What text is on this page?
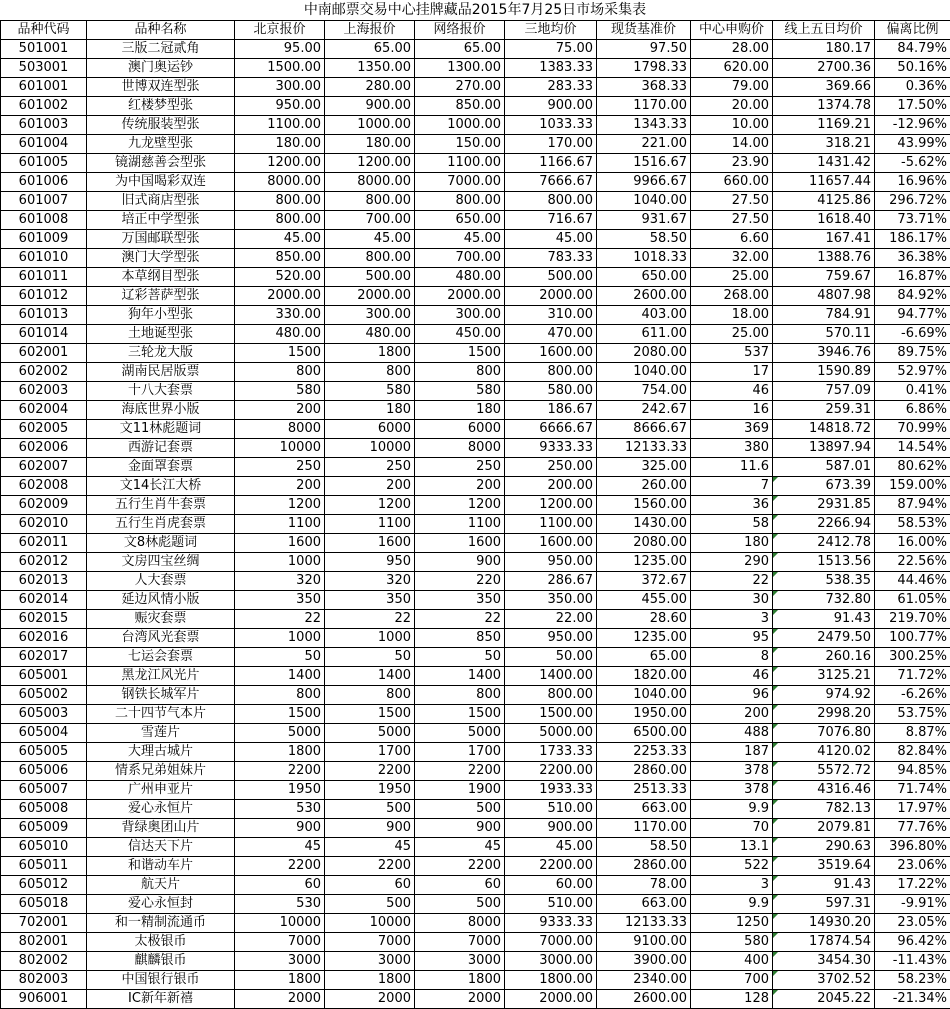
中南邮票交易中心挂牌藏品2015年7月25日市场采集表
品种代码	品种名称	北京报价	上海报价	网络报价	三地均价	现货基准价	中心申购价	线上五日均价	偏离比例
501001	三版二冠贰角	95.00	65.00	65.00	75.00	97.50	28.00	180.17	84.79%
503001	澳门奥运钞	1500.00	1350.00	1300.00	1383.33	1798.33	620.00	2700.36	50.16%
601001	世博双连型张	300.00	280.00	270.00	283.33	368.33	79.00	369.66	0.36%
601002	红楼梦型张	950.00	900.00	850.00	900.00	1170.00	20.00	1374.78	17.50%
601003	传统服装型张	1100.00	1000.00	1000.00	1033.33	1343.33	10.00	1169.21	-12.96%
601004	九龙壁型张	180.00	180.00	150.00	170.00	221.00	14.00	318.21	43.99%
601005	镜湖慈善会型张	1200.00	1200.00	1100.00	1166.67	1516.67	23.90	1431.42	-5.62%
601006	为中国喝彩双连	8000.00	8000.00	7000.00	7666.67	9966.67	660.00	11657.44	16.96%
601007	旧式商店型张	800.00	800.00	800.00	800.00	1040.00	27.50	4125.86	296.72%
601008	培正中学型张	800.00	700.00	650.00	716.67	931.67	27.50	1618.40	73.71%
601009	万国邮联型张	45.00	45.00	45.00	45.00	58.50	6.60	167.41	186.17%
601010	澳门大学型张	850.00	800.00	700.00	783.33	1018.33	32.00	1388.76	36.38%
601011	本草纲目型张	520.00	500.00	480.00	500.00	650.00	25.00	759.67	16.87%
601012	辽彩菩萨型张	2000.00	2000.00	2000.00	2000.00	2600.00	268.00	4807.98	84.92%
601013	狗年小型张	330.00	300.00	300.00	310.00	403.00	18.00	784.91	94.77%
601014	土地诞型张	480.00	480.00	450.00	470.00	611.00	25.00	570.11	-6.69%
602001	三轮龙大版	1500	1800	1500	1600.00	2080.00	537	3946.76	89.75%
602002	湖南民居版票	800	800	800	800.00	1040.00	17	1590.89	52.97%
602003	十八大套票	580	580	580	580.00	754.00	46	757.09	0.41%
602004	海底世界小版	200	180	180	186.67	242.67	16	259.31	6.86%
602005	文11林彪题词	8000	6000	6000	6666.67	8666.67	369	14818.72	70.99%
602006	西游记套票	10000	10000	8000	9333.33	12133.33	380	13897.94	14.54%
602007	金面罩套票	250	250	250	250.00	325.00	11.6	587.01	80.62%
602008	文14长江大桥	200	200	200	200.00	260.00	7	673.39	159.00%
602009	五行生肖牛套票	1200	1200	1200	1200.00	1560.00	36	2931.85	87.94%
602010	五行生肖虎套票	1100	1100	1100	1100.00	1430.00	58	2266.94	58.53%
602011	文8林彪题词	1600	1600	1600	1600.00	2080.00	180	2412.78	16.00%
602012	文房四宝丝绸	1000	950	900	950.00	1235.00	290	1513.56	22.56%
602013	人大套票	320	320	220	286.67	372.67	22	538.35	44.46%
602014	延边风情小版	350	350	350	350.00	455.00	30	732.80	61.05%
602015	赈灾套票	22	22	22	22.00	28.60	3	91.43	219.70%
602016	台湾风光套票	1000	1000	850	950.00	1235.00	95	2479.50	100.77%
602017	七运会套票	50	50	50	50.00	65.00	8	260.16	300.25%
605001	黑龙江风光片	1400	1400	1400	1400.00	1820.00	46	3125.21	71.72%
605002	钢铁长城军片	800	800	800	800.00	1040.00	96	974.92	-6.26%
605003	二十四节气本片	1500	1500	1500	1500.00	1950.00	200	2998.20	53.75%
605004	雪莲片	5000	5000	5000	5000.00	6500.00	488	7076.80	8.87%
605005	大理古城片	1800	1700	1700	1733.33	2253.33	187	4120.02	82.84%
605006	情系兄弟姐妹片	2200	2200	2200	2200.00	2860.00	378	5572.72	94.85%
605007	广州申亚片	1950	1950	1900	1933.33	2513.33	378	4316.46	71.74%
605008	爱心永恒片	530	500	500	510.00	663.00	9.9	782.13	17.97%
605009	背绿奥团山片	900	900	900	900.00	1170.00	70	2079.81	77.76%
605010	信达天下片	45	45	45	45.00	58.50	13.1	290.63	396.80%
605011	和谐动车片	2200	2200	2200	2200.00	2860.00	522	3519.64	23.06%
605012	航天片	60	60	60	60.00	78.00	3	91.43	17.22%
605018	爱心永恒封	530	500	500	510.00	663.00	9.9	597.31	-9.91%
702001	和一精制流通币	10000	10000	8000	9333.33	12133.33	1250	14930.20	23.05%
802001	太极银币	7000	7000	7000	7000.00	9100.00	580	17874.54	96.42%
802002	麒麟银币	3000	3000	3000	3000.00	3900.00	400	3454.30	-11.43%
802003	中国银行银币	1800	1800	1800	1800.00	2340.00	700	3702.52	58.23%
906001	IC新年新禧	2000	2000	2000	2000.00	2600.00	128	2045.22	-21.34%
